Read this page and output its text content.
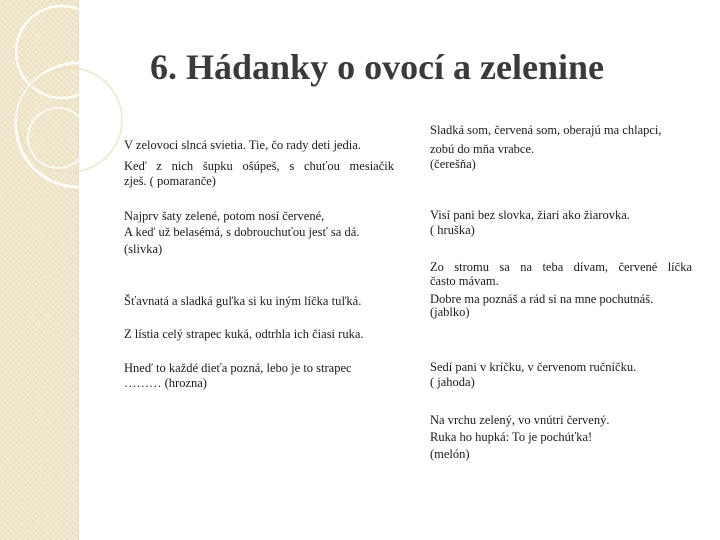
6. Hádanky o ovocí a zelenine
V zelovoci slncá svietia. Tie, čo rady deti jedia.
Keď z nich šupku ošúpeš, s chuťou mesiačik
zješ. ( pomaranče)
Najprv šaty zelené, potom nosí červené,
A keď už belasémá, s dobrouchuťou jesť sa dá.
(slivka)
Šťavnatá a sladká guľka si ku iným líčka tuľká.
Z lístia celý strapec kuká, odtrhla ich čiasi ruka.
Hneď to každé dieťa pozná, lebo je to strapec
……… (hrozna)
Sladká som, červená som, oberajú ma chlapci,
zobú do mňa vrabce.
(čerešňa)
Visí pani bez slovka, žiari ako žiarovka.
( hruška)
Zo stromu sa na teba dívam, červené líčka
často mávam.
Dobre ma poznáš a rád si na mne pochutnáš.
(jablko)
Sedí pani v kríčku, v červenom ručníčku.
( jahoda)
Na vrchu zelený, vo vnútri červený.
Ruka ho hupká: To je pochúťka!
(melón)
